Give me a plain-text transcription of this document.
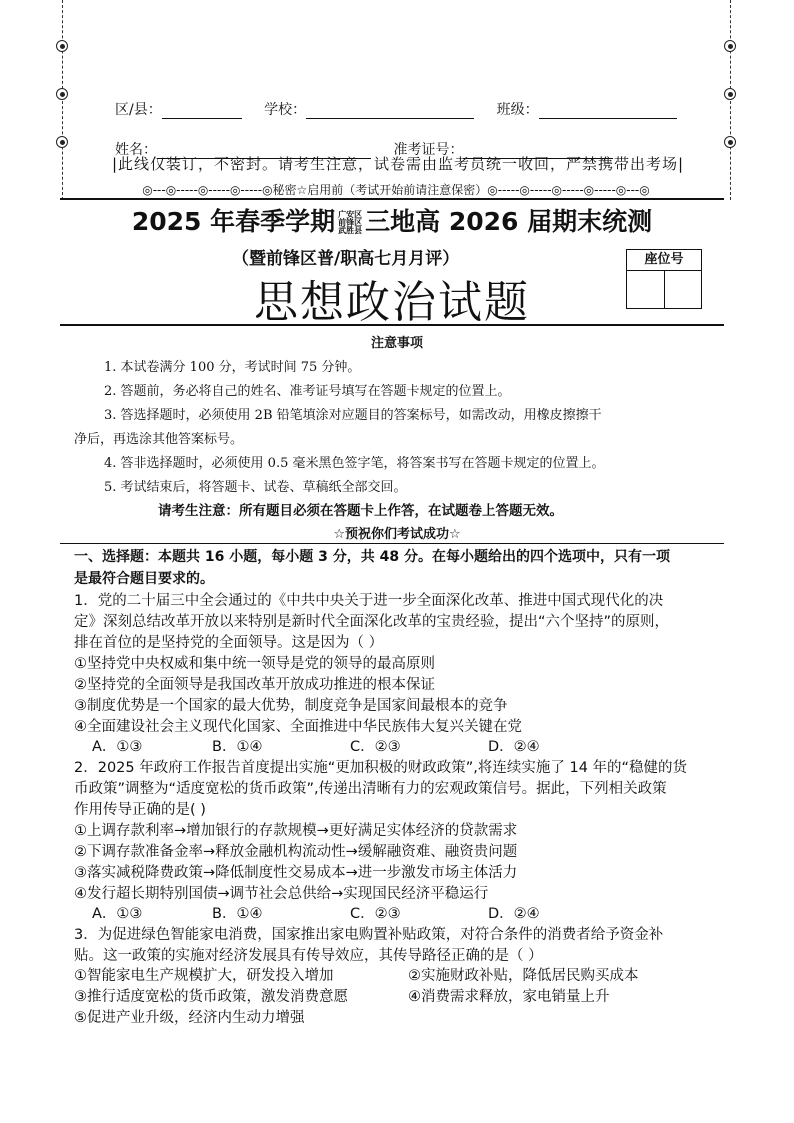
区/县：	学校：	班级：
姓名：	准考证号：
|此线仅装订，不密封。请考生注意，试卷需由监考员统一收回，严禁携带出考场|
◎---◎-----◎-----◎-----◎秘密☆启用前（考试开始前请注意保密）◎-----◎-----◎-----◎-----◎---◎
2025 年春季学期 广安区
前锋区
武胜县 三地高 2026 届期末统测
（暨前锋区普/职高七月月评）
思想政治试题
座位号
注意事项
1. 本试卷满分 100 分，考试时间 75 分钟。
2. 答题前，务必将自己的姓名、准考证号填写在答题卡规定的位置上。
3. 答选择题时，必须使用 2B 铅笔填涂对应题目的答案标号，如需改动，用橡皮擦擦干
净后，再选涂其他答案标号。
4. 答非选择题时，必须使用 0.5 毫米黑色签字笔，将答案书写在答题卡规定的位置上。
5. 考试结束后，将答题卡、试卷、草稿纸全部交回。
请考生注意：所有题目必须在答题卡上作答，在试题卷上答题无效。
☆预祝你们考试成功☆
一、选择题：本题共 16 小题，每小题 3 分，共 48 分。在每小题给出的四个选项中，只有一项
是最符合题目要求的。
1．党的二十届三中全会通过的《中共中央关于进一步全面深化改革、推进中国式现代化的决
定》深刻总结改革开放以来特别是新时代全面深化改革的宝贵经验，提出“六个坚持”的原则，
排在首位的是坚持党的全面领导。这是因为（ ）
①坚持党中央权威和集中统一领导是党的领导的最高原则
②坚持党的全面领导是我国改革开放成功推进的根本保证
③制度优势是一个国家的最大优势，制度竞争是国家间最根本的竞争
④全面建设社会主义现代化国家、全面推进中华民族伟大复兴关键在党
A．①③	B．①④	C．②③	D．②④
2．2025 年政府工作报告首度提出实施“更加积极的财政政策”,将连续实施了 14 年的“稳健的货
币政策”调整为“适度宽松的货币政策”,传递出清晰有力的宏观政策信号。据此，下列相关政策
作用传导正确的是( )
①上调存款利率→增加银行的存款规模→更好满足实体经济的贷款需求
②下调存款准备金率→释放金融机构流动性→缓解融资难、融资贵问题
③落实减税降费政策→降低制度性交易成本→进一步激发市场主体活力
④发行超长期特别国债→调节社会总供给→实现国民经济平稳运行
A．①③	B．①④	C．②③	D．②④
3．为促进绿色智能家电消费，国家推出家电购置补贴政策，对符合条件的消费者给予资金补
贴。这一政策的实施对经济发展具有传导效应，其传导路径正确的是（ ）
①智能家电生产规模扩大，研发投入增加	②实施财政补贴，降低居民购买成本
③推行适度宽松的货币政策，激发消费意愿	④消费需求释放，家电销量上升
⑤促进产业升级，经济内生动力增强
